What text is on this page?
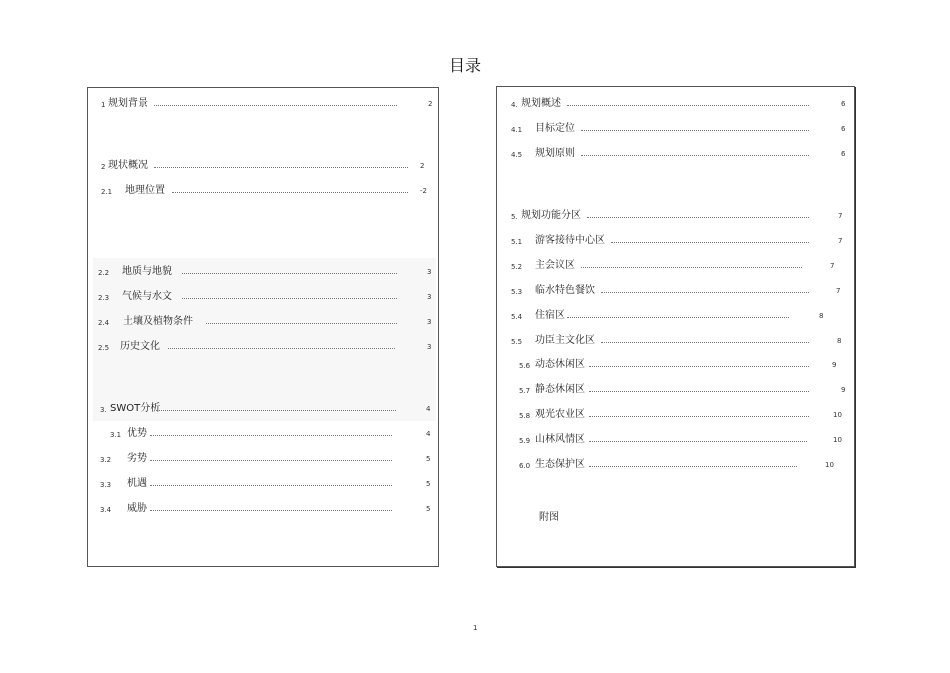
目录
1 规划背景	2
2 现状概况	2
2.1 地理位置	-2
2.2 地质与地貌	3
2.3 气候与水文	3
2.4 土壤及植物条件	3
2.5 历史文化	3
3. SWOT分析	4
3.1 优势	4
3.2 劣势	5
3.3 机遇	5
3.4 威胁	5
4. 规划概述	6
4.1 目标定位	6
4.5 规划原则	6
5. 规划功能分区	7
5.1 游客接待中心区	7
5.2 主会议区	7
5.3 临水特色餐饮	7
5.4 住宿区	8
5.5 功臣主文化区	8
5.6 动态休闲区	9
5.7 静态休闲区	9
5.8 观光农业区	10
5.9 山林风情区	10
6.0 生态保护区	10
附图
1
